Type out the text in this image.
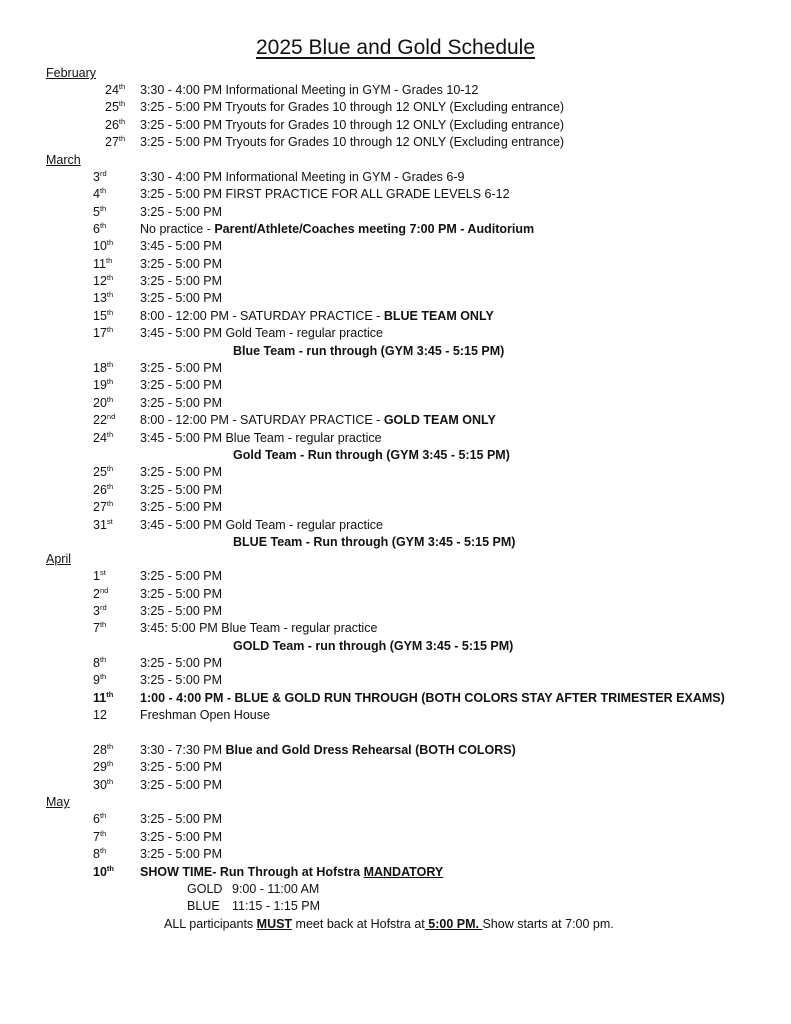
2025 Blue and Gold Schedule
February
24th 3:30 - 4:00 PM Informational Meeting in GYM - Grades 10-12
25th 3:25 - 5:00 PM Tryouts for Grades 10 through 12 ONLY (Excluding entrance)
26th 3:25 - 5:00 PM Tryouts for Grades 10 through 12 ONLY (Excluding entrance)
27th 3:25 - 5:00 PM Tryouts for Grades 10 through 12 ONLY (Excluding entrance)
March
3rd	3:30 - 4:00 PM Informational Meeting in GYM - Grades 6-9
4th	3:25 - 5:00 PM FIRST PRACTICE FOR ALL GRADE LEVELS 6-12
5th	3:25 - 5:00 PM
6th	No practice - Parent/Athlete/Coaches meeting 7:00 PM - Auditorium
10th 3:45 - 5:00 PM
11th 3:25 - 5:00 PM
12th 3:25 - 5:00 PM
13th 3:25 - 5:00 PM
15th 8:00 - 12:00 PM - SATURDAY PRACTICE - BLUE TEAM ONLY
17th 3:45 - 5:00 PM Gold Team - regular practice
Blue Team - run through (GYM 3:45 - 5:15 PM)
18th 3:25 - 5:00 PM
19th 3:25 - 5:00 PM
20th 3:25 - 5:00 PM
22nd 8:00 - 12:00 PM - SATURDAY PRACTICE - GOLD TEAM ONLY
24th 3:45 - 5:00 PM Blue Team - regular practice
Gold Team - Run through (GYM 3:45 - 5:15 PM)
25th 3:25 - 5:00 PM
26th 3:25 - 5:00 PM
27th 3:25 - 5:00 PM
31st 3:45 - 5:00 PM Gold Team - regular practice
BLUE Team - Run through (GYM 3:45 - 5:15 PM)
April
1st	3:25 - 5:00 PM
2nd	3:25 - 5:00 PM
3rd	3:25 - 5:00 PM
7th	3:45: 5:00 PM Blue Team - regular practice
GOLD Team - run through (GYM 3:45 - 5:15 PM)
8th	3:25 - 5:00 PM
9th	3:25 - 5:00 PM
11th 1:00 - 4:00 PM - BLUE & GOLD RUN THROUGH (BOTH COLORS STAY AFTER TRIMESTER EXAMS)
12	Freshman Open House
28th 3:30 - 7:30 PM Blue and Gold Dress Rehearsal (BOTH COLORS)
29th 3:25 - 5:00 PM
30th 3:25 - 5:00 PM
May
6th	3:25 - 5:00 PM
7th	3:25 - 5:00 PM
8th	3:25 - 5:00 PM
10th SHOW TIME- Run Through at Hofstra MANDATORY
GOLD 9:00 - 11:00 AM
BLUE 11:15 - 1:15 PM
ALL participants MUST meet back at Hofstra at 5:00 PM. Show starts at 7:00 pm.
